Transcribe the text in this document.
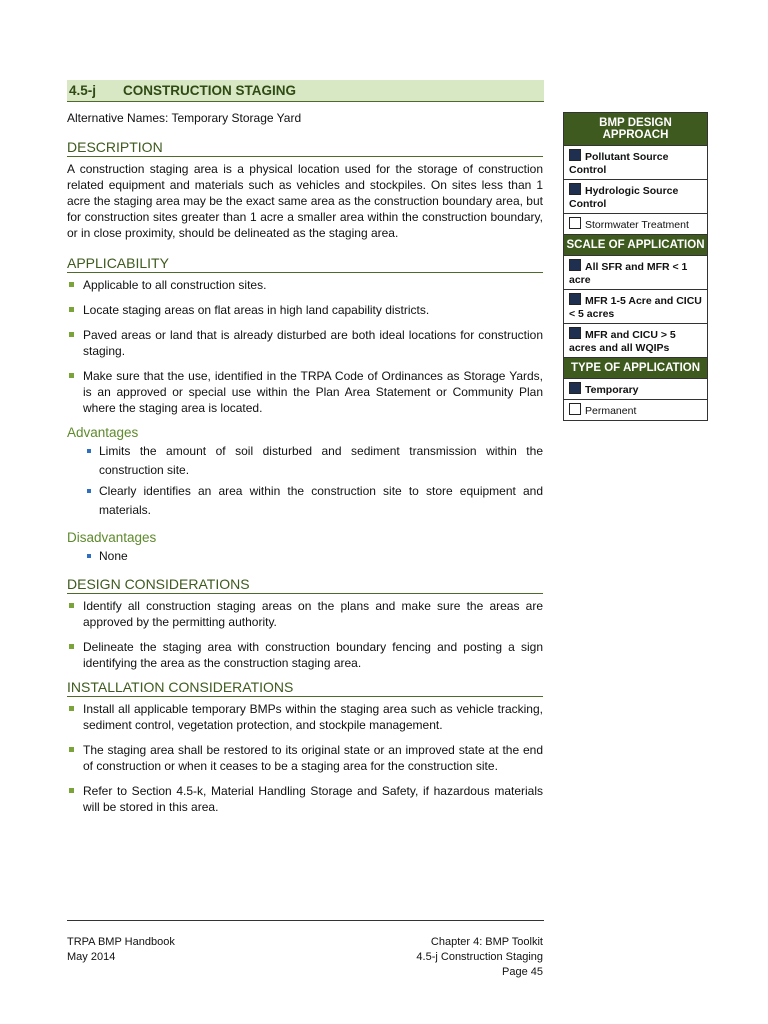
4.5-j	CONSTRUCTION STAGING
Alternative Names: Temporary Storage Yard
DESCRIPTION

A construction staging area is a physical location used for the storage of construction related equipment and materials such as vehicles and stockpiles. On sites less than 1 acre the staging area may be the exact same area as the construction boundary area, but for construction sites greater than 1 acre a smaller area within the construction boundary, or in close proximity, should be delineated as the staging area.

APPLICABILITY
Applicable to all construction sites.
Locate staging areas on flat areas in high land capability districts.
Paved areas or land that is already disturbed are both ideal locations for construction staging.
Make sure that the use, identified in the TRPA Code of Ordinances as Storage Yards, is an approved or special use within the Plan Area Statement or Community Plan where the staging area is located.
Advantages
Limits the amount of soil disturbed and sediment transmission within the construction site.
Clearly identifies an area within the construction site to store equipment and materials.
Disadvantages
None
DESIGN CONSIDERATIONS
Identify all construction staging areas on the plans and make sure the areas are approved by the permitting authority.
Delineate the staging area with construction boundary fencing and posting a sign identifying the area as the construction staging area.
INSTALLATION CONSIDERATIONS
Install all applicable temporary BMPs within the staging area such as vehicle tracking, sediment control, vegetation protection, and stockpile management.
The staging area shall be restored to its original state or an improved state at the end of construction or when it ceases to be a staging area for the construction site.
Refer to Section 4.5-k, Material Handling Storage and Safety, if hazardous materials will be stored in this area.
BMP DESIGN APPROACH
Pollutant Source Control
Hydrologic Source Control
Stormwater Treatment
SCALE OF APPLICATION
All SFR and MFR < 1 acre
MFR 1-5 Acre and CICU < 5 acres
MFR and CICU > 5 acres and all WQIPs
TYPE OF APPLICATION
Temporary
Permanent
TRPA BMP Handbook
May 2014
Chapter 4: BMP Toolkit
4.5-j Construction Staging
Page 45
